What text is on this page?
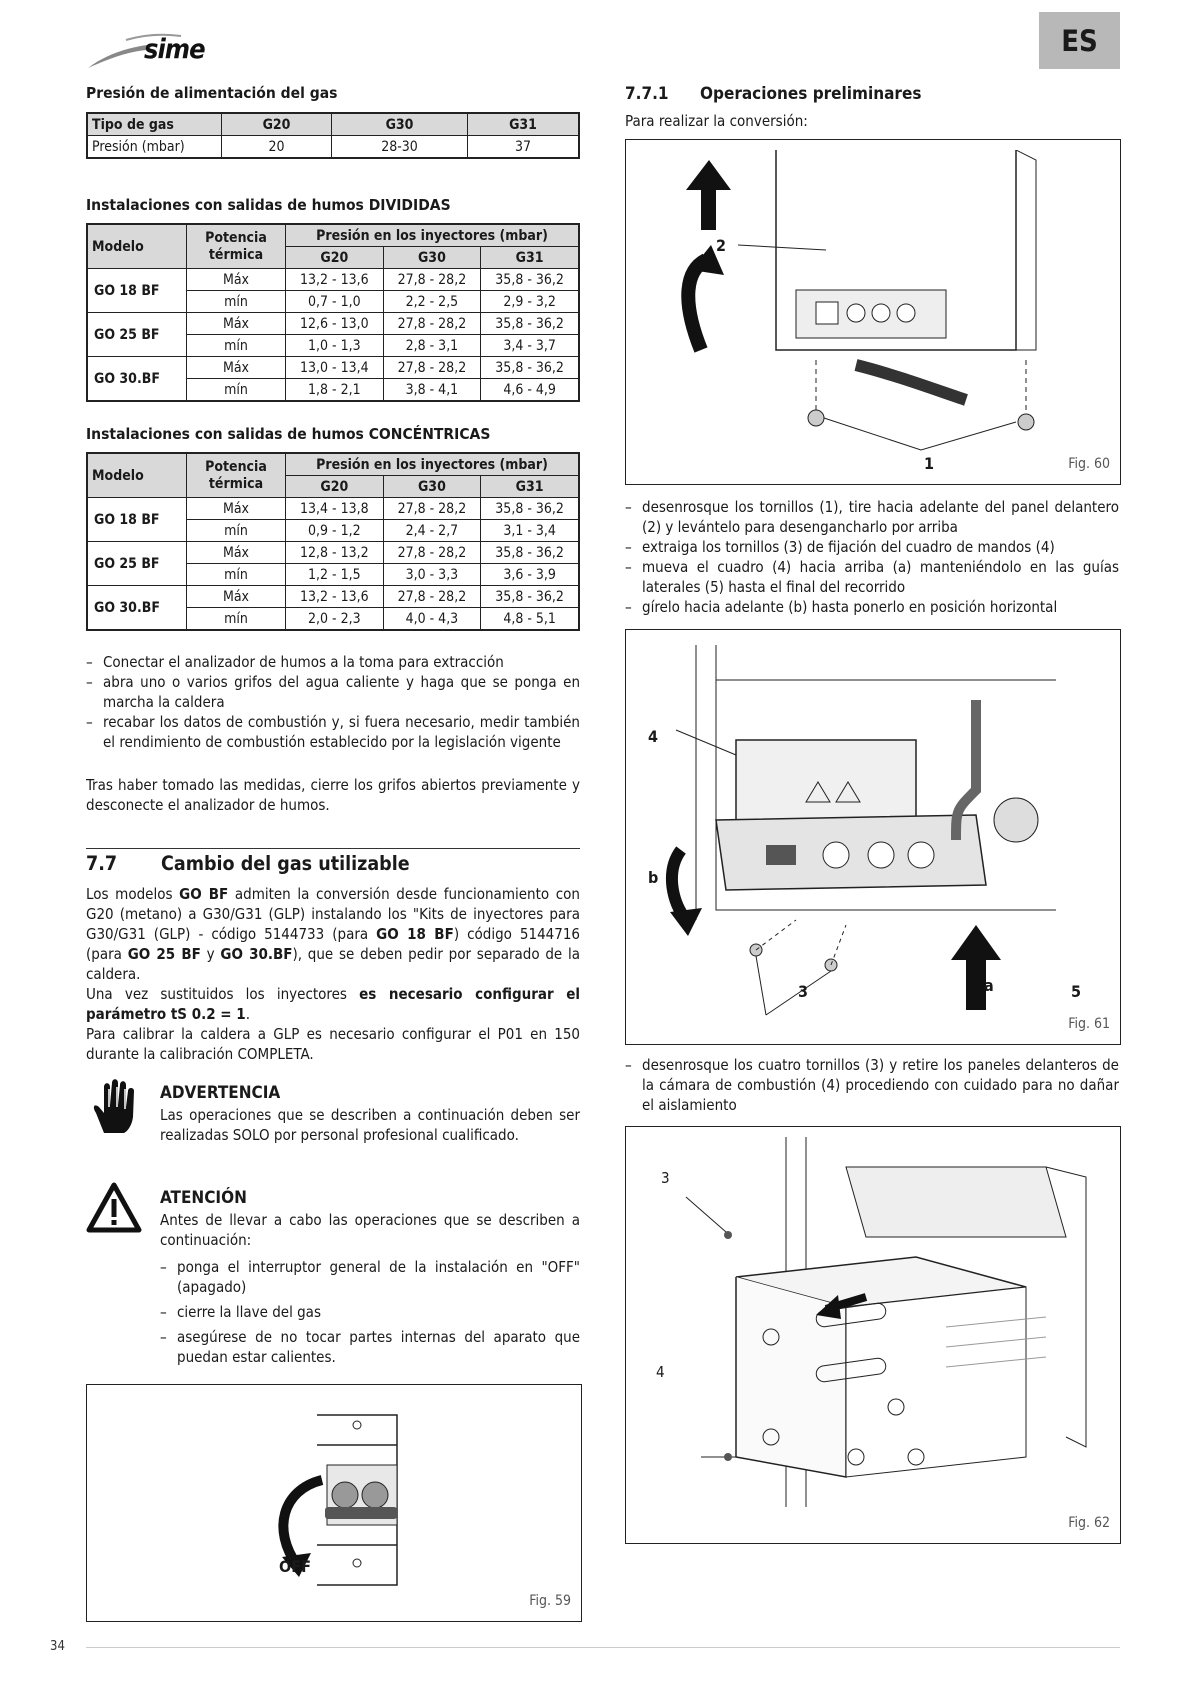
sime	ES
Presión de alimentación del gas
Tipo de gas	G20	G30	G31
Presión (mbar)	20	28-30	37
Instalaciones con salidas de humos DIVIDIDAS
Modelo	Potencia térmica	Presión en los inyectores (mbar)		
		G20	G30	G31
GO 18 BF	Máx	13,2 - 13,6	27,8 - 28,2	35,8 - 36,2
	mín	0,7 - 1,0	2,2 - 2,5	2,9 - 3,2
GO 25 BF	Máx	12,6 - 13,0	27,8 - 28,2	35,8 - 36,2
	mín	1,0 - 1,3	2,8 - 3,1	3,4 - 3,7
GO 30.BF	Máx	13,0 - 13,4	27,8 - 28,2	35,8 - 36,2
	mín	1,8 - 2,1	3,8 - 4,1	4,6 - 4,9
Instalaciones con salidas de humos CONCÉNTRICAS
Modelo	Potencia térmica	Presión en los inyectores (mbar)		
		G20	G30	G31
GO 18 BF	Máx	13,4 - 13,8	27,8 - 28,2	35,8 - 36,2
	mín	0,9 - 1,2	2,4 - 2,7	3,1 - 3,4
GO 25 BF	Máx	12,8 - 13,2	27,8 - 28,2	35,8 - 36,2
	mín	1,2 - 1,5	3,0 - 3,3	3,6 - 3,9
GO 30.BF	Máx	13,2 - 13,6	27,8 - 28,2	35,8 - 36,2
	mín	2,0 - 2,3	4,0 - 4,3	4,8 - 5,1
– Conectar el analizador de humos a la toma para extracción
– abra uno o varios grifos del agua caliente y haga que se ponga en marcha la caldera
– recabar los datos de combustión y, si fuera necesario, medir también el rendimiento de combustión establecido por la legislación vigente
Tras haber tomado las medidas, cierre los grifos abiertos previamente y desconecte el analizador de humos.
7.7 Cambio del gas utilizable
Los modelos GO BF admiten la conversión desde funcionamiento con G20 (metano) a G30/G31 (GLP) instalando los "Kits de inyectores para G30/G31 (GLP) - código 5144733 (para GO 18 BF) código 5144716 (para GO 25 BF y GO 30.BF), que se deben pedir por separado de la caldera.
Una vez sustituidos los inyectores es necesario configurar el parámetro tS 0.2 = 1.
Para calibrar la caldera a GLP es necesario configurar el P01 en 150 durante la calibración COMPLETA.
ADVERTENCIA
Las operaciones que se describen a continuación deben ser realizadas SOLO por personal profesional cualificado.
ATENCIÓN
Antes de llevar a cabo las operaciones que se describen a continuación:
– ponga el interruptor general de la instalación en "OFF" (apagado)
– cierre la llave del gas
– asegúrese de no tocar partes internas del aparato que puedan estar calientes.
OFF
Fig. 59
7.7.1 Operaciones preliminares
Para realizar la conversión:
2
1	Fig. 60
– desenrosque los tornillos (1), tire hacia adelante del panel delantero (2) y levántelo para desengancharlo por arriba
– extraiga los tornillos (3) de fijación del cuadro de mandos (4)
– mueva el cuadro (4) hacia arriba (a) manteniéndolo en las guías laterales (5) hasta el final del recorrido
– gírelo hacia adelante (b) hasta ponerlo en posición horizontal
4
b
3	a	5
Fig. 61
– desenrosque los cuatro tornillos (3) y retire los paneles delanteros de la cámara de combustión (4) procediendo con cuidado para no dañar el aislamiento
3
4
Fig. 62
34
